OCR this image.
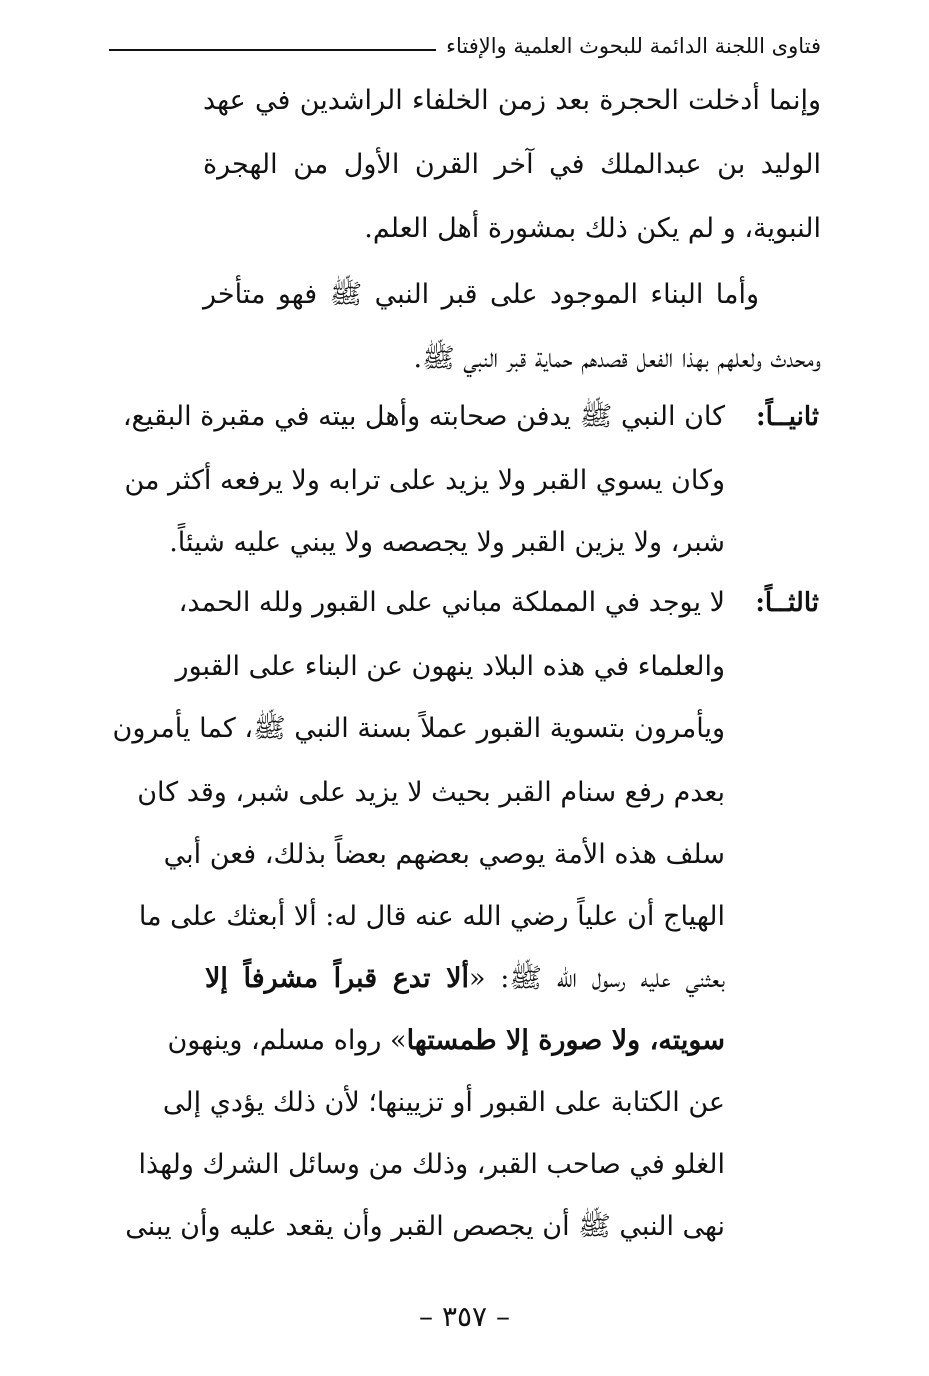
فتاوى اللجنة الدائمة للبحوث العلمية والإفتاء
وإنما أدخلت الحجرة بعد زمن الخلفاء الراشدين في عهد
الوليد بن عبدالملك في آخر القرن الأول من الهجرة
النبوية، و لم يكن ذلك بمشورة أهل العلم.
وأما البناء الموجود على قبر النبي ﷺ فهو متأخر
ومحدث ولعلهم بهذا الفعل قصدهم حماية قبر النبي ﷺ.
ثانيــاً:
كان النبي ﷺ يدفن صحابته وأهل بيته في مقبرة البقيع،
وكان يسوي القبر ولا يزيد على ترابه ولا يرفعه أكثر من
شبر، ولا يزين القبر ولا يجصصه ولا يبني عليه شيئاً.
ثالثــاً:
لا يوجد في المملكة مباني على القبور ولله الحمد،
والعلماء في هذه البلاد ينهون عن البناء على القبور
ويأمرون بتسوية القبور عملاً بسنة النبي ﷺ، كما يأمرون
بعدم رفع سنام القبر بحيث لا يزيد على شبر، وقد كان
سلف هذه الأمة يوصي بعضهم بعضاً بذلك، فعن أبي
الهياج أن علياً رضي الله عنه قال له: ألا أبعثك على ما
بعثني عليه رسول الله ﷺ: «ألا تدع قبراً مشرفاً إلا
سويته، ولا صورة إلا طمستها» رواه مسلم، وينهون
عن الكتابة على القبور أو تزيينها؛ لأن ذلك يؤدي إلى
الغلو في صاحب القبر، وذلك من وسائل الشرك ولهذا
نهى النبي ﷺ أن يجصص القبر وأن يقعد عليه وأن يبنى
– ٣٥٧ –
